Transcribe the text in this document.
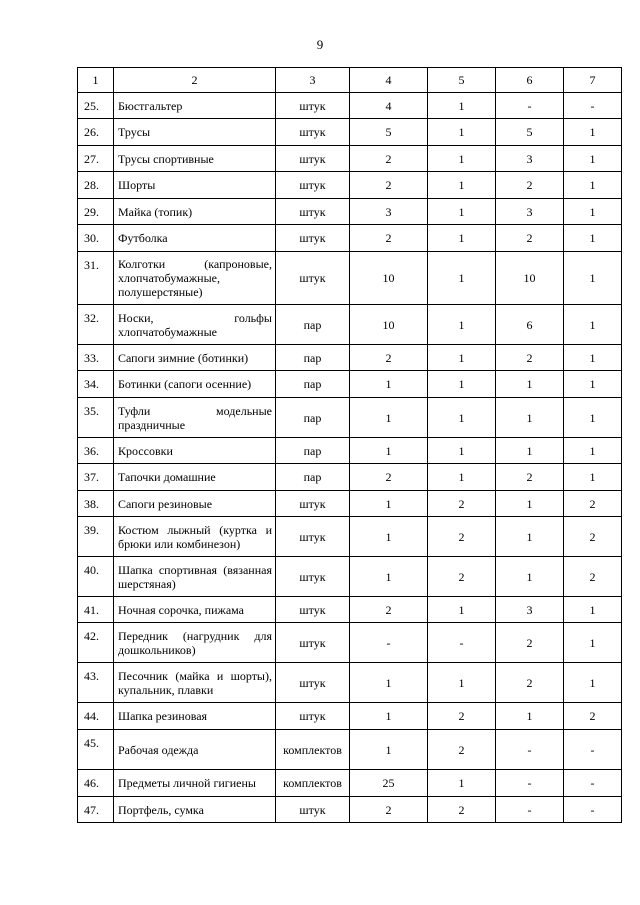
9
1	2	3	4	5	6	7
25.	Бюстгальтер	штук	4	1	-	-
26.	Трусы	штук	5	1	5	1
27.	Трусы спортивные	штук	2	1	3	1
28.	Шорты	штук	2	1	2	1
29.	Майка (топик)	штук	3	1	3	1
30.	Футболка	штук	2	1	2	1
31.	Колготки (капроновые, хлопчатобумажные, полушерстяные)	штук	10	1	10	1
32.	Носки, гольфы хлопчатобумажные	пар	10	1	6	1
33.	Сапоги зимние (ботинки)	пар	2	1	2	1
34.	Ботинки (сапоги осенние)	пар	1	1	1	1
35.	Туфли модельные праздничные	пар	1	1	1	1
36.	Кроссовки	пар	1	1	1	1
37.	Тапочки домашние	пар	2	1	2	1
38.	Сапоги резиновые	штук	1	2	1	2
39.	Костюм лыжный (куртка и брюки или комбинезон)	штук	1	2	1	2
40.	Шапка спортивная (вязанная шерстяная)	штук	1	2	1	2
41.	Ночная сорочка, пижама	штук	2	1	3	1
42.	Передник (нагрудник для дошкольников)	штук	-	-	2	1
43.	Песочник (майка и шорты), купальник, плавки	штук	1	1	2	1
44.	Шапка резиновая	штук	1	2	1	2
45.	Рабочая одежда	комплектов	1	2	-	-
46.	Предметы личной гигиены	комплектов	25	1	-	-
47.	Портфель, сумка	штук	2	2	-	-
